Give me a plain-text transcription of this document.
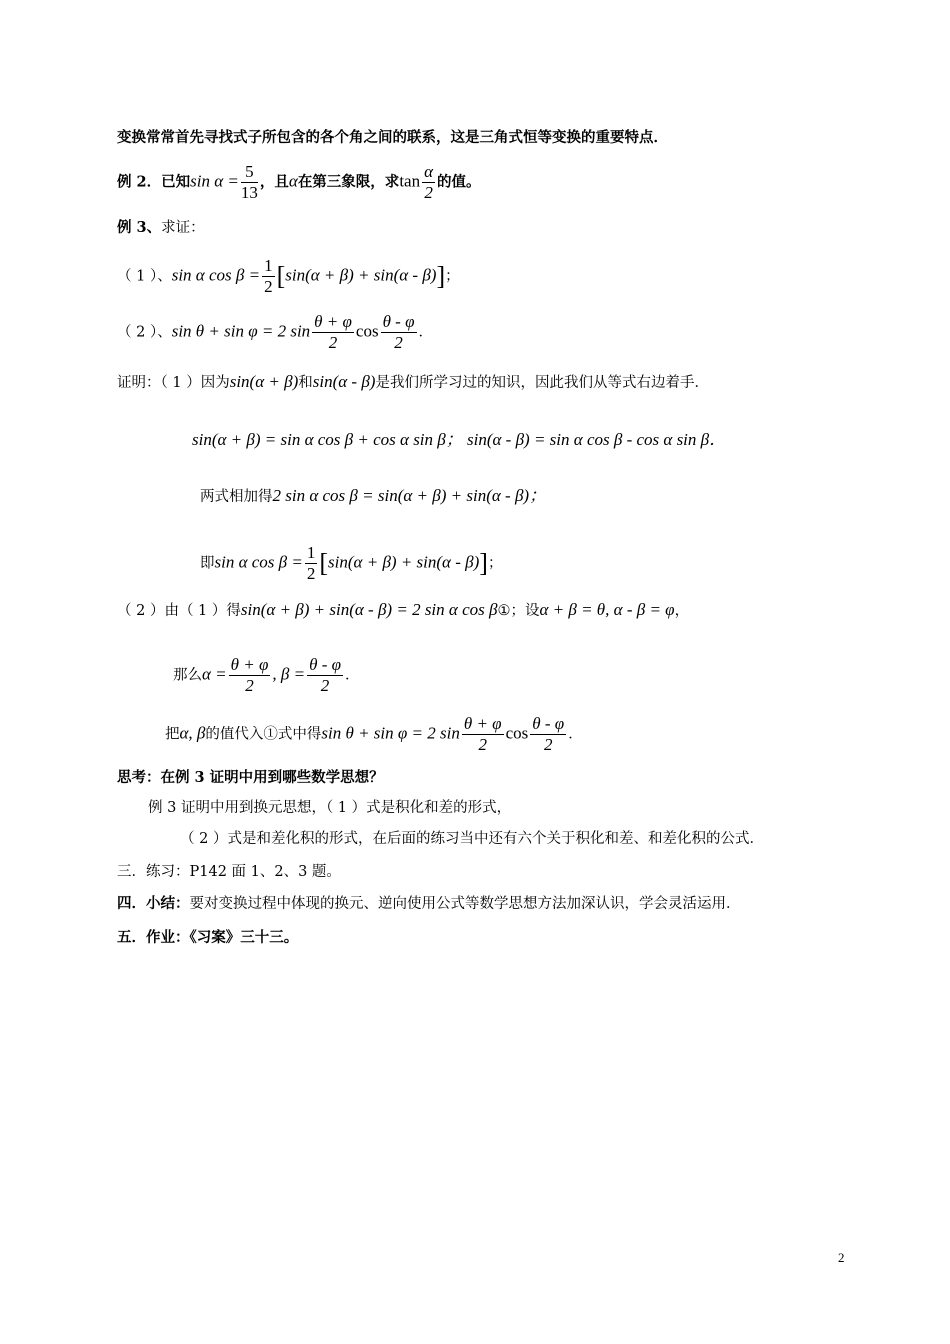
变换常常首先寻找式子所包含的各个角之间的联系，这是三角式恒等变换的重要特点．
例 2．已知$\sin \alpha = \frac{5}{13}$ ，且α在第三象限，求$\tan \frac{\alpha}{2}$ 的值。
例 3、求证：
（ 1 ）、sin α $\cos \beta = \frac{1}{2} [\sin(\alpha + \beta) + \sin(\alpha - \beta)]$；
（ 2 ）、sin θ + sin φ = 2 $\sin \frac{\theta + \varphi}{2}$ $\cos \frac{\theta - \varphi}{2}$ ．
证明：（ 1 ）因为sin(α + β)和sin(α - β)是我们所学习过的知识，因此我们从等式右边着手．
sin(α + β) = sin α cos β + cos α sin β； sin(α - β) = sin α cos β - cos α sin β．
两式相加得2 sin α cos β = sin(α + β) + sin(α - β)；
即sin α $\cos \beta = \frac{1}{2} [\sin(\alpha + \beta) + \sin(\alpha - \beta)]$；
（ 2 ）由（ 1 ）得sin(α + β) + sin(α - β) = 2 sin α cos β①；设α + β = θ, α - β = φ，
那么$\alpha = \frac{\theta + \varphi}{2}$ , $\beta = \frac{\theta - \varphi}{2}$ ．
把α, β的值代入①式中得sin θ + sin φ = 2 $\sin \frac{\theta + \varphi}{2}$ $\cos \frac{\theta - \varphi}{2}$ ．
思考：在例 3 证明中用到哪些数学思想？
例 3 证明中用到换元思想，（ 1 ）式是积化和差的形式，
（ 2 ）式是和差化积的形式，在后面的练习当中还有六个关于积化和差、和差化积的公式．
三．练习：P142 面 1、2、3 题。
四．小结：要对变换过程中体现的换元、逆向使用公式等数学思想方法加深认识，学会灵活运用．
五．作业：《习案》三十三。
2
